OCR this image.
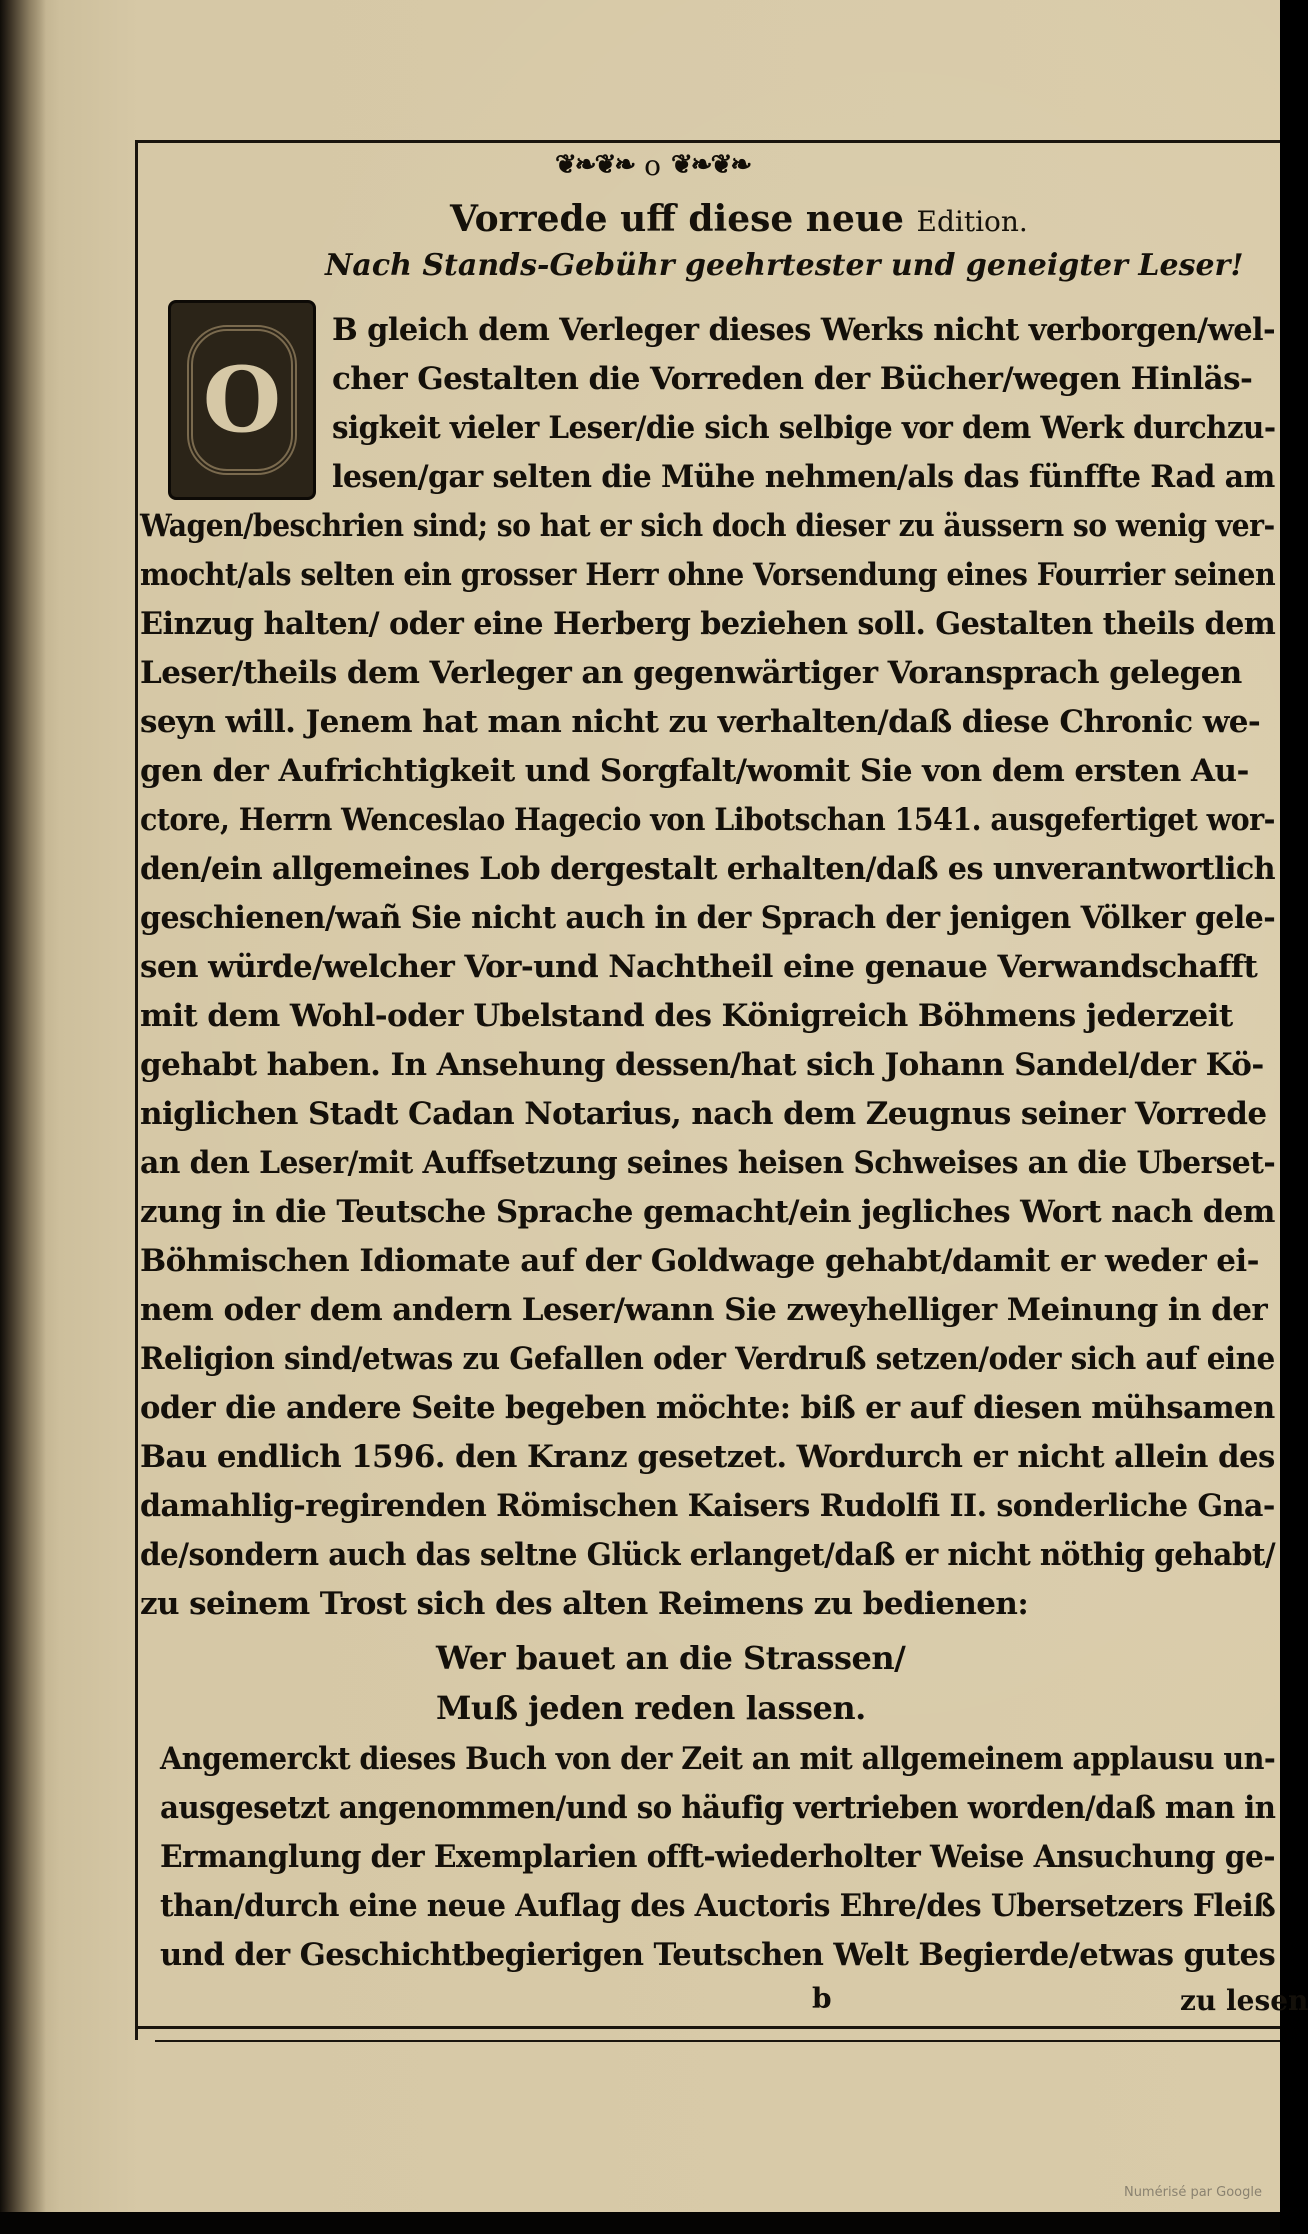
❦❧❦❧ o ❦❧❦❧
Vorrede uff diese neue Edition.
Nach Stands-Gebühr geehrtester und geneigter Leser!
O
B gleich dem Verleger dieses Werks nicht verborgen/wel-
cher Gestalten die Vorreden der Bücher/wegen Hinläs-
sigkeit vieler Leser/die sich selbige vor dem Werk durchzu-
lesen/gar selten die Mühe nehmen/als das fünffte Rad am
Wagen/beschrien sind; so hat er sich doch dieser zu äussern so wenig ver-
mocht/als selten ein grosser Herr ohne Vorsendung eines Fourrier seinen
Einzug halten/ oder eine Herberg beziehen soll. Gestalten theils dem
Leser/theils dem Verleger an gegenwärtiger Voransprach gelegen
seyn will. Jenem hat man nicht zu verhalten/daß diese Chronic we-
gen der Aufrichtigkeit und Sorgfalt/womit Sie von dem ersten Au-
ctore, Herrn Wenceslao Hagecio von Libotschan 1541. ausgefertiget wor-
den/ein allgemeines Lob dergestalt erhalten/daß es unverantwortlich
geschienen/wañ Sie nicht auch in der Sprach der jenigen Völker gele-
sen würde/welcher Vor-und Nachtheil eine genaue Verwandschafft
mit dem Wohl-oder Ubelstand des Königreich Böhmens jederzeit
gehabt haben. In Ansehung dessen/hat sich Johann Sandel/der Kö-
niglichen Stadt Cadan Notarius, nach dem Zeugnus seiner Vorrede
an den Leser/mit Auffsetzung seines heisen Schweises an die Uberset-
zung in die Teutsche Sprache gemacht/ein jegliches Wort nach dem
Böhmischen Idiomate auf der Goldwage gehabt/damit er weder ei-
nem oder dem andern Leser/wann Sie zweyhelliger Meinung in der
Religion sind/etwas zu Gefallen oder Verdruß setzen/oder sich auf eine
oder die andere Seite begeben möchte: biß er auf diesen mühsamen
Bau endlich 1596. den Kranz gesetzet. Wordurch er nicht allein des
damahlig-regirenden Römischen Kaisers Rudolfi II. sonderliche Gna-
de/sondern auch das seltne Glück erlanget/daß er nicht nöthig gehabt/
zu seinem Trost sich des alten Reimens zu bedienen:
Wer bauet an die Strassen/
Muß jeden reden lassen.
Angemerckt dieses Buch von der Zeit an mit allgemeinem applausu un-
ausgesetzt angenommen/und so häufig vertrieben worden/daß man in
Ermanglung der Exemplarien offt-wiederholter Weise Ansuchung ge-
than/durch eine neue Auflag des Auctoris Ehre/des Ubersetzers Fleiß
und der Geschichtbegierigen Teutschen Welt Begierde/etwas gutes
b	zu lesen
Numérisé par Google
